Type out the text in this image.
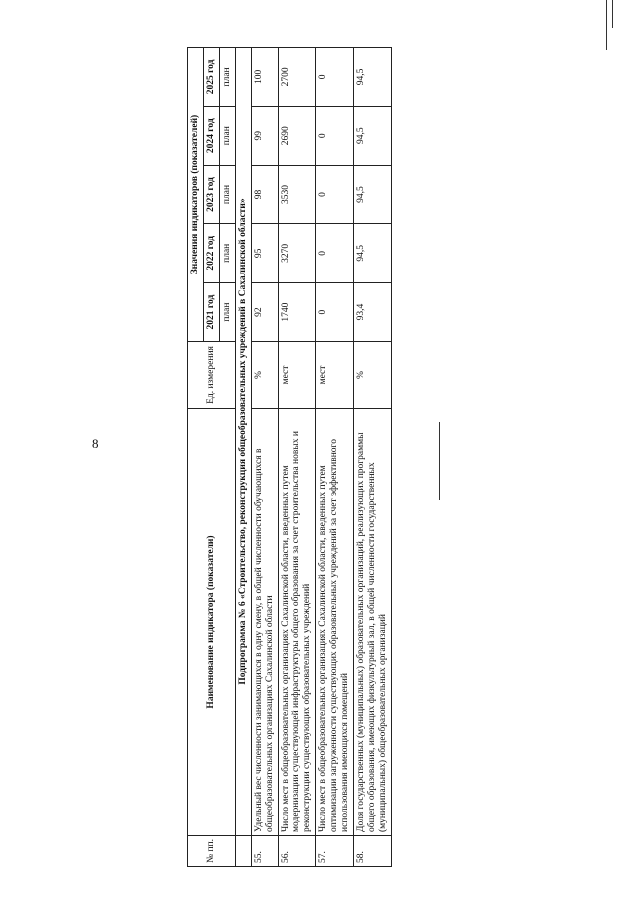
8
№ пп.	Наименование индикатора (показатели)	Ед. измерения	Значения индикаторов (показателей)				
			2021 год	2022 год	2023 год	2024 год	2025 год
			план	план	план	план	план
	Подпрограмма № 6 «Строительство, реконструкция общеобразовательных учреждений в Сахалинской области»						
55.	Удельный вес численности занимающихся в одну смену, в общей численности обучающихся в общеобразовательных организациях Сахалинской области	%	92	95	98	99	100
56.	Число мест в общеобразовательных организациях Сахалинской области, введенных путем модернизации существующей инфраструктуры общего образования за счет строительства новых и реконструкции существующих образовательных учреждений	мест	1740	3270	3530	2690	2700
57.	Число мест в общеобразовательных организациях Сахалинской области, введенных путем оптимизации загруженности существующих образовательных учреждений за счет эффективного использования имеющихся помещений	мест	0	0	0	0	0
58.	Доля государственных (муниципальных) образовательных организаций, реализующих программы общего образования, имеющих физкультурный зал, в общей численности государственных (муниципальных) общеобразовательных организаций	%	93,4	94,5	94,5	94,5	94,5
